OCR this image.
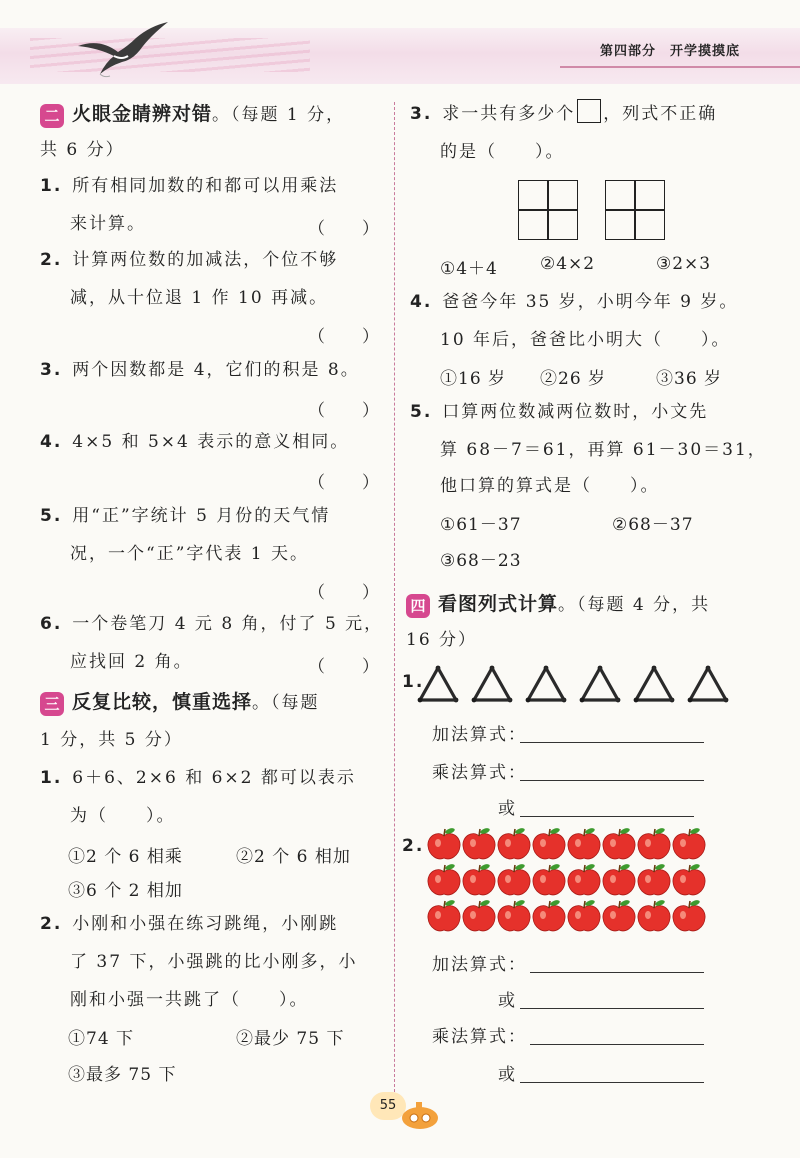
第四部分 开学摸摸底
二 火眼金睛辨对错。（每题 1 分，
共 6 分）
1. 所有相同加数的和都可以用乘法
来计算。	（　　）
2. 计算两位数的加减法，个位不够
减，从十位退 1 作 10 再减。
（　　）
3. 两个因数都是 4，它们的积是 8。
（　　）
4. 4×5 和 5×4 表示的意义相同。
（　　）
5. 用“正”字统计 5 月份的天气情
况，一个“正”字代表 1 天。
（　　）
6. 一个卷笔刀 4 元 8 角，付了 5 元，
应找回 2 角。	（　　）
三 反复比较，慎重选择。（每题
1 分，共 5 分）
1. 6＋6、2×6 和 6×2 都可以表示
为（　　）。
①2 个 6 相乘	②2 个 6 相加
③6 个 2 相加
2. 小刚和小强在练习跳绳，小刚跳
了 37 下，小强跳的比小刚多，小
刚和小强一共跳了（　　）。
①74 下	②最少 75 下
③最多 75 下
3. 求一共有多少个 ，列式不正确
的是（　　）。
①4＋4 ②4×2	③2×3
4. 爸爸今年 35 岁，小明今年 9 岁。
10 年后，爸爸比小明大（　　）。
①16 岁 ②26 岁	③36 岁
5. 口算两位数减两位数时，小文先
算 68－7＝61，再算 61－30＝31，
他口算的算式是（　　）。
①61－37	②68－37
③68－23
四 看图列式计算。（每题 4 分，共
16 分）
1.
加法算式：
乘法算式：
或
2.
加法算式：
或
乘法算式：
或
55
